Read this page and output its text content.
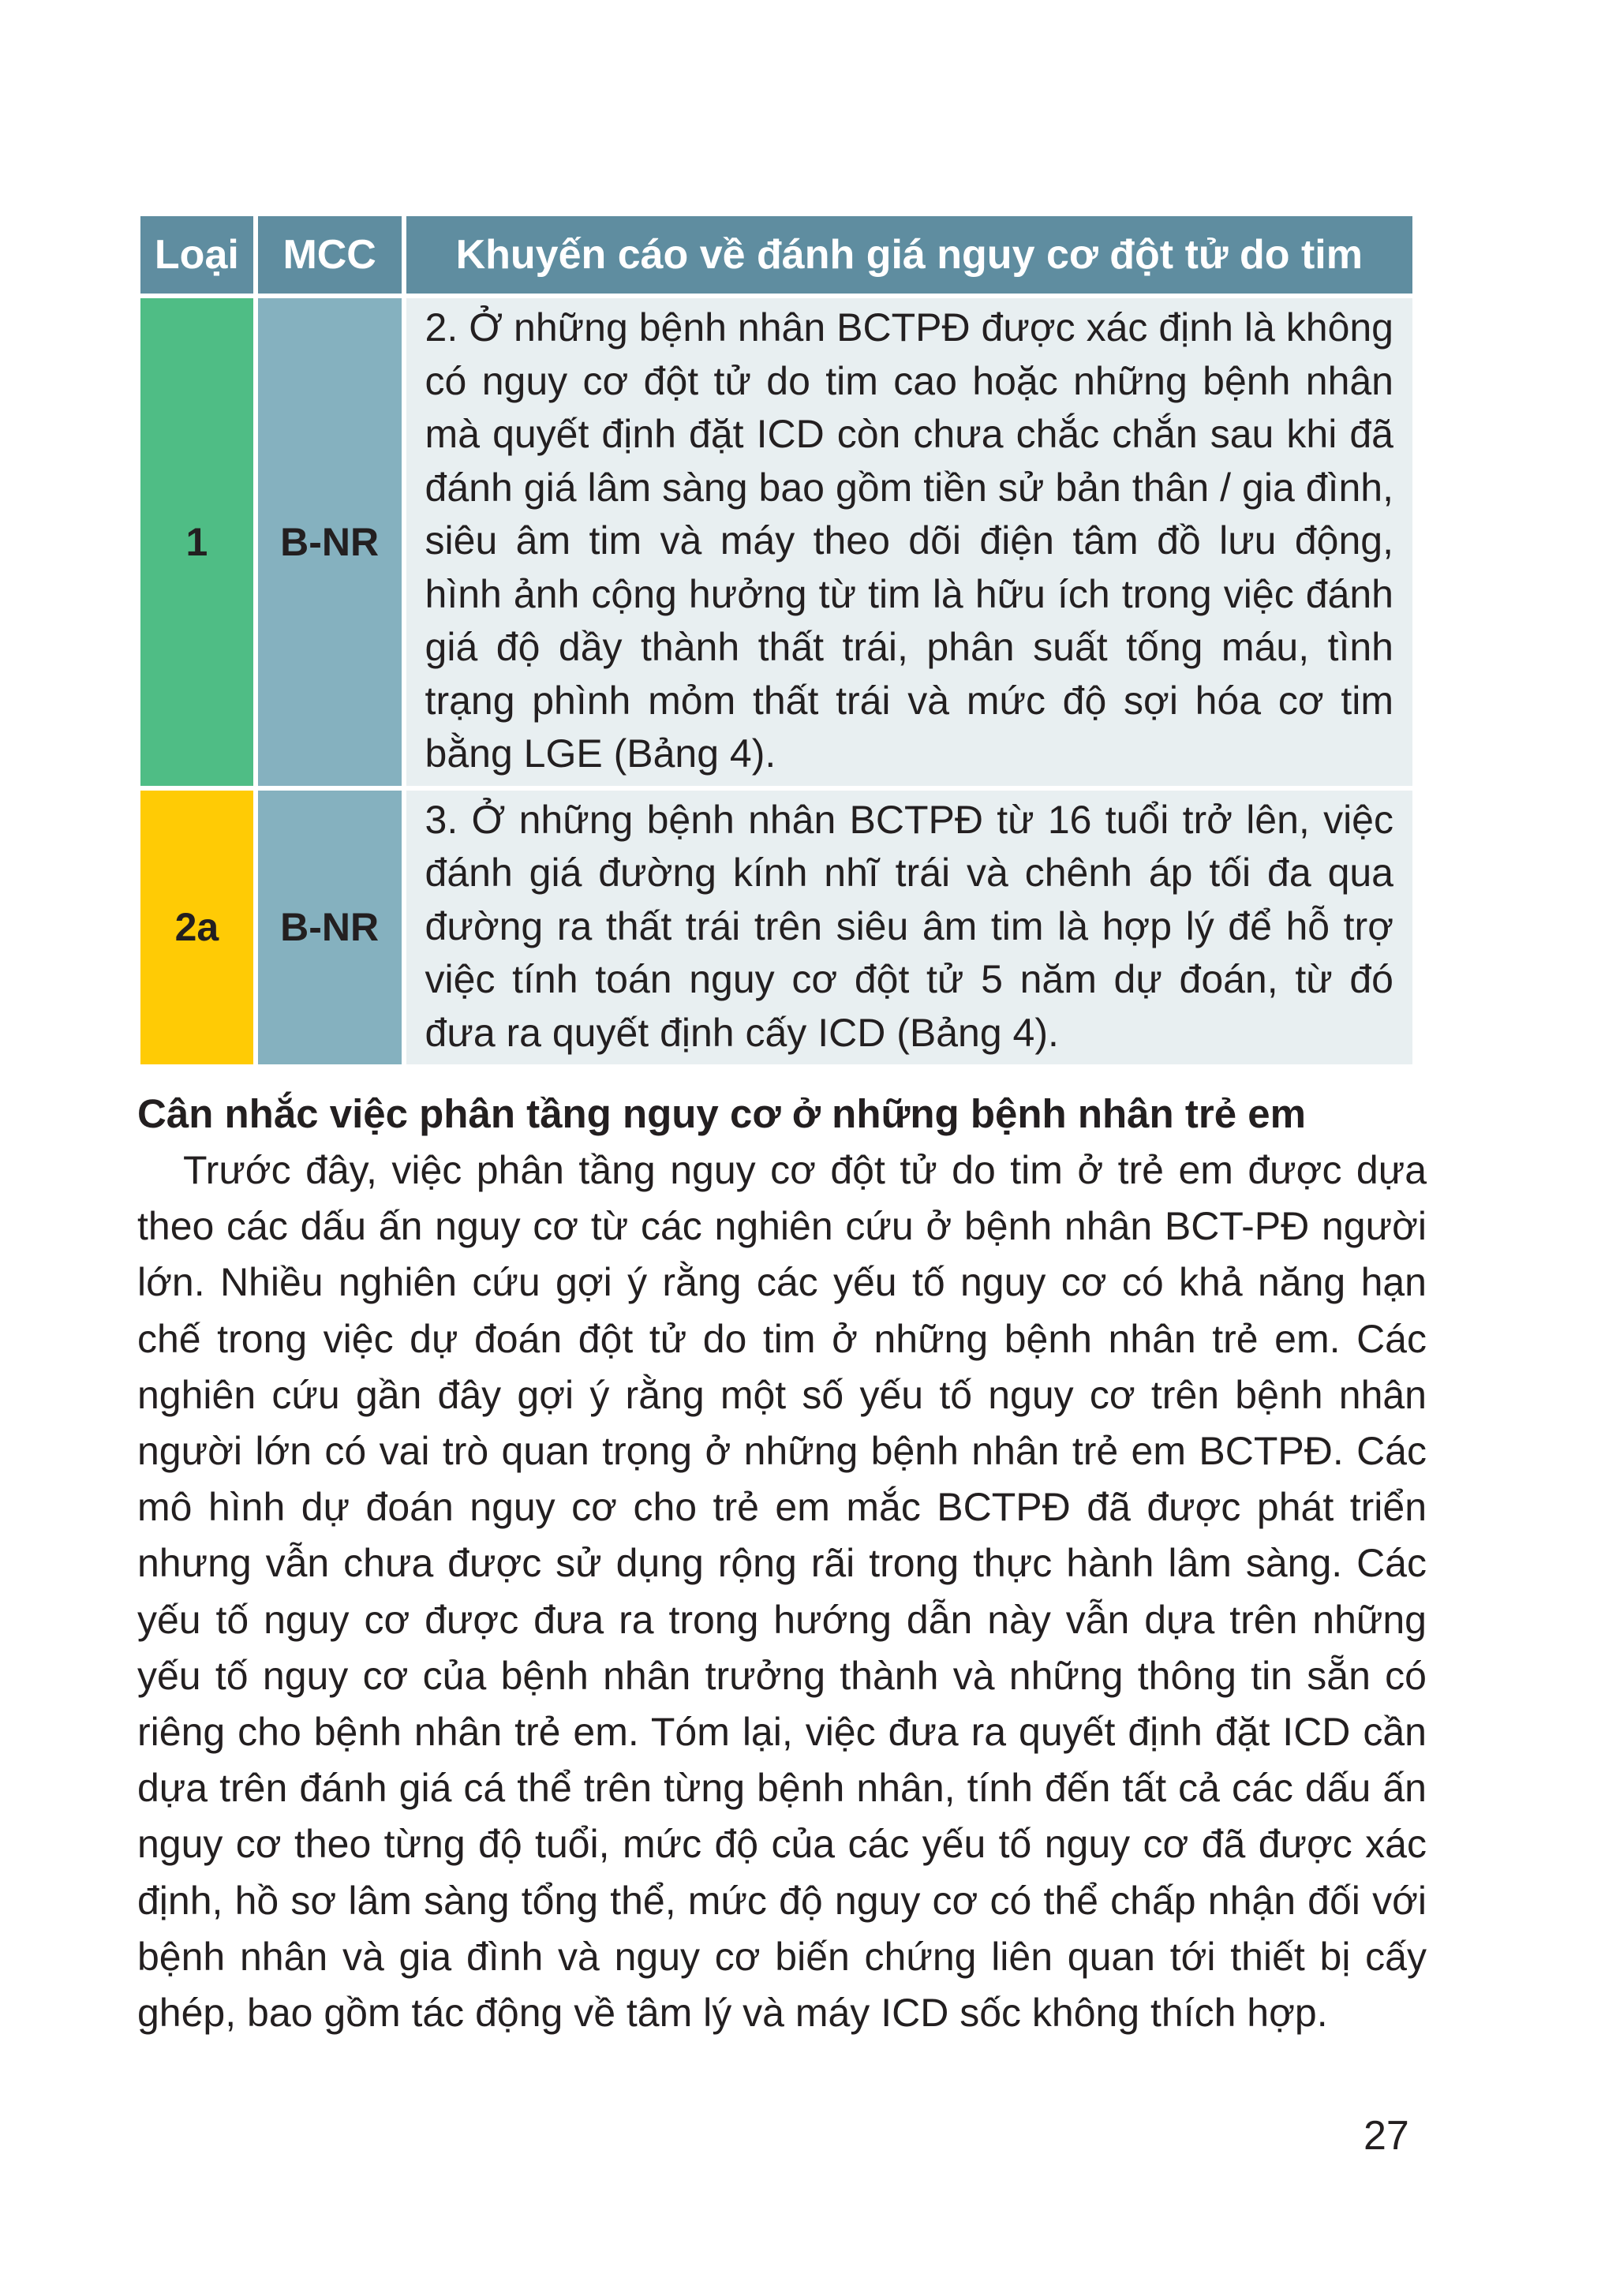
Loại	MCC	Khuyến cáo về đánh giá nguy cơ đột tử do tim
1	B-NR	2. Ở những bệnh nhân BCTPĐ được xác định là không có nguy cơ đột tử do tim cao hoặc những bệnh nhân mà quyết định đặt ICD còn chưa chắc chắn sau khi đã đánh giá lâm sàng bao gồm tiền sử bản thân / gia đình, siêu âm tim và máy theo dõi điện tâm đồ lưu động, hình ảnh cộng hưởng từ tim là hữu ích trong việc đánh giá độ dầy thành thất trái, phân suất tống máu, tình trạng phình mỏm thất trái và mức độ sợi hóa cơ tim bằng LGE (Bảng 4).
2a	B-NR	3. Ở những bệnh nhân BCTPĐ từ 16 tuổi trở lên, việc đánh giá đường kính nhĩ trái và chênh áp tối đa qua đường ra thất trái trên siêu âm tim là hợp lý để hỗ trợ việc tính toán nguy cơ đột tử 5 năm dự đoán, từ đó đưa ra quyết định cấy ICD (Bảng 4).
Cân nhắc việc phân tầng nguy cơ ở những bệnh nhân trẻ em

Trước đây, việc phân tầng nguy cơ đột tử do tim ở trẻ em được dựa theo các dấu ấn nguy cơ từ các nghiên cứu ở bệnh nhân BCT-PĐ người lớn. Nhiều nghiên cứu gợi ý rằng các yếu tố nguy cơ có khả năng hạn chế trong việc dự đoán đột tử do tim ở những bệnh nhân trẻ em. Các nghiên cứu gần đây gợi ý rằng một số yếu tố nguy cơ trên bệnh nhân người lớn có vai trò quan trọng ở những bệnh nhân trẻ em BCTPĐ. Các mô hình dự đoán nguy cơ cho trẻ em mắc BCTPĐ đã được phát triển nhưng vẫn chưa được sử dụng rộng rãi trong thực hành lâm sàng. Các yếu tố nguy cơ được đưa ra trong hướng dẫn này vẫn dựa trên những yếu tố nguy cơ của bệnh nhân trưởng thành và những thông tin sẵn có riêng cho bệnh nhân trẻ em. Tóm lại, việc đưa ra quyết định đặt ICD cần dựa trên đánh giá cá thể trên từng bệnh nhân, tính đến tất cả các dấu ấn nguy cơ theo từng độ tuổi, mức độ của các yếu tố nguy cơ đã được xác định, hồ sơ lâm sàng tổng thể, mức độ nguy cơ có thể chấp nhận đối với bệnh nhân và gia đình và nguy cơ biến chứng liên quan tới thiết bị cấy ghép, bao gồm tác động về tâm lý và máy ICD sốc không thích hợp.

27
